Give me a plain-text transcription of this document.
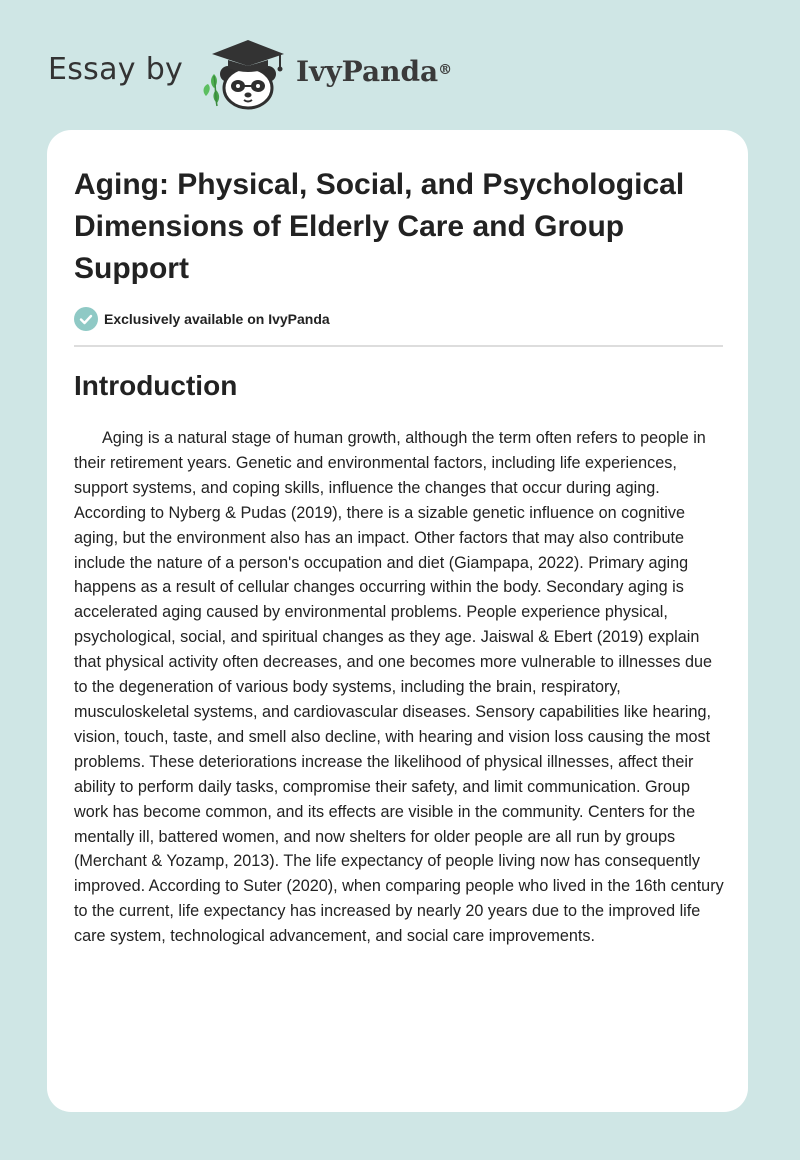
Essay by	IvyPanda®
Aging: Physical, Social, and Psychological Dimensions of Elderly Care and Group Support
Exclusively available on IvyPanda
Introduction

Aging is a natural stage of human growth, although the term often refers to people in their retirement years. Genetic and environmental factors, including life experiences, support systems, and coping skills, influence the changes that occur during aging. According to Nyberg & Pudas (2019), there is a sizable genetic influence on cognitive aging, but the environment also has an impact. Other factors that may also contribute include the nature of a person's occupation and diet (Giampapa, 2022). Primary aging happens as a result of cellular changes occurring within the body. Secondary aging is accelerated aging caused by environmental problems. People experience physical, psychological, social, and spiritual changes as they age. Jaiswal & Ebert (2019) explain that physical activity often decreases, and one becomes more vulnerable to illnesses due to the degeneration of various body systems, including the brain, respiratory, musculoskeletal systems, and cardiovascular diseases. Sensory capabilities like hearing, vision, touch, taste, and smell also decline, with hearing and vision loss causing the most problems. These deteriorations increase the likelihood of physical illnesses, affect their ability to perform daily tasks, compromise their safety, and limit communication. Group work has become common, and its effects are visible in the community. Centers for the mentally ill, battered women, and now shelters for older people are all run by groups (Merchant & Yozamp, 2013). The life expectancy of people living now has consequently improved. According to Suter (2020), when comparing people who lived in the 16th century to the current, life expectancy has increased by nearly 20 years due to the improved life care system, technological advancement, and social care improvements.
